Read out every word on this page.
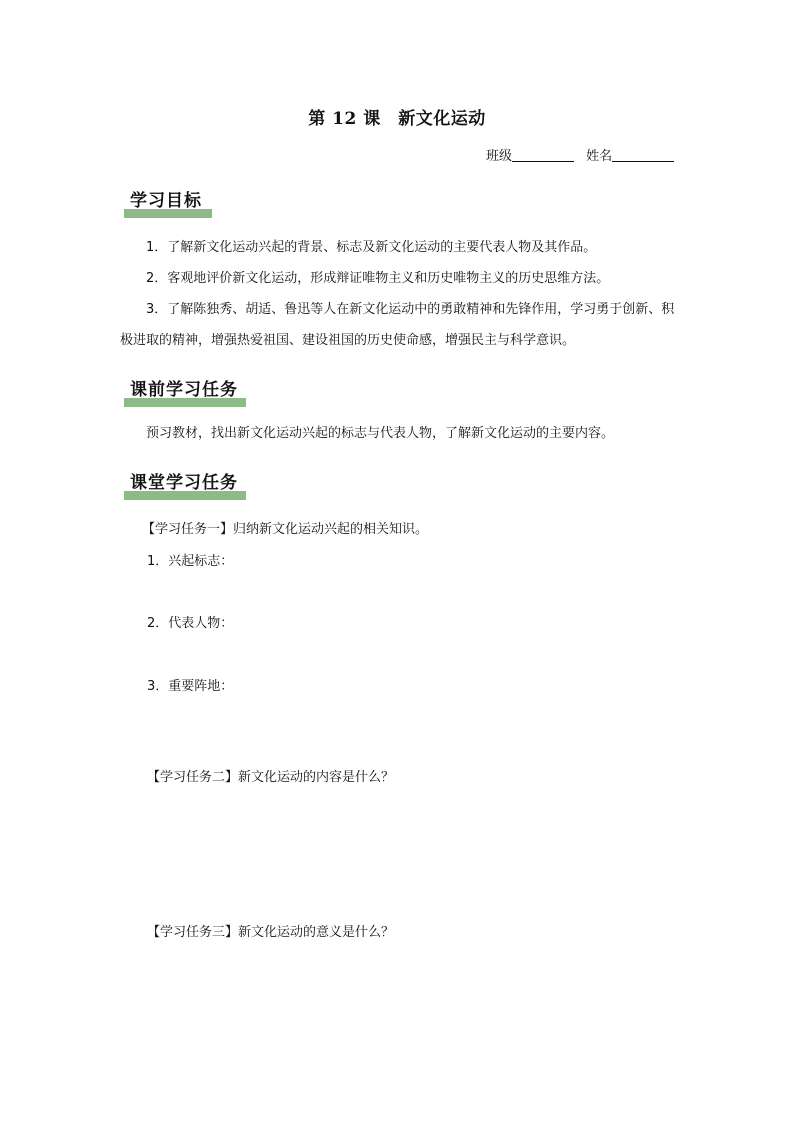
第 12 课　新文化运动
班级	姓名
学习目标
1．了解新文化运动兴起的背景、标志及新文化运动的主要代表人物及其作品。
2．客观地评价新文化运动，形成辩证唯物主义和历史唯物主义的历史思维方法。
3．了解陈独秀、胡适、鲁迅等人在新文化运动中的勇敢精神和先锋作用，学习勇于创新、积极进取的精神，增强热爱祖国、建设祖国的历史使命感，增强民主与科学意识。
课前学习任务
预习教材，找出新文化运动兴起的标志与代表人物，了解新文化运动的主要内容。
课堂学习任务
【学习任务一】归纳新文化运动兴起的相关知识。
1．兴起标志：
2．代表人物：
3．重要阵地：
【学习任务二】新文化运动的内容是什么？
【学习任务三】新文化运动的意义是什么？
